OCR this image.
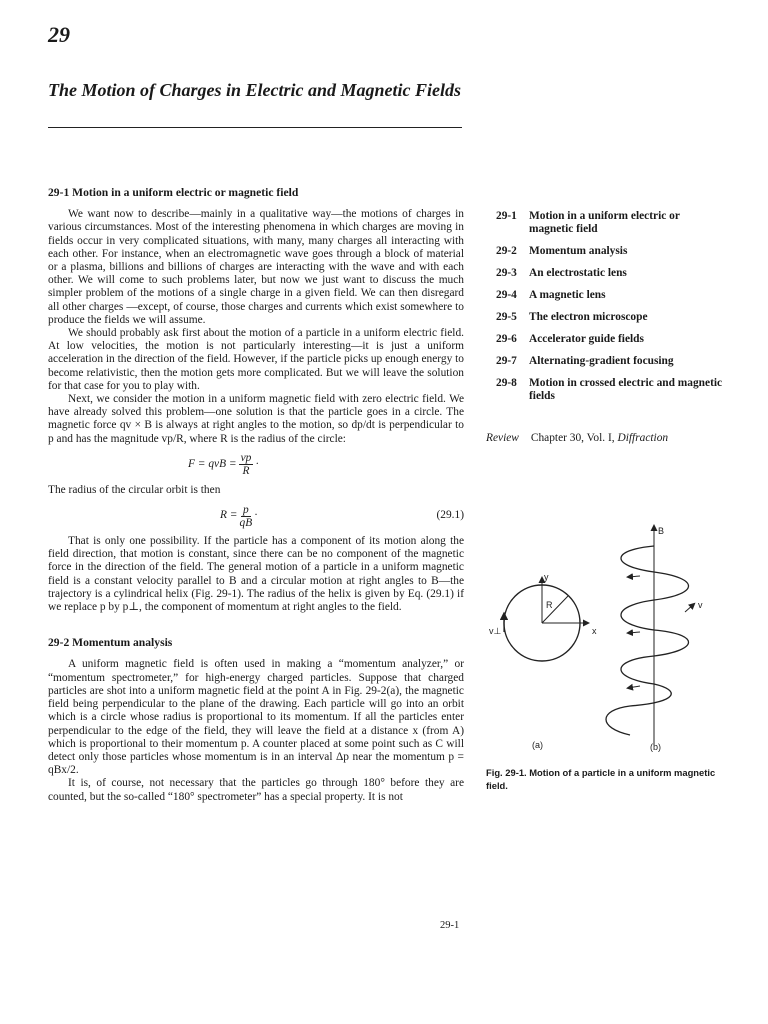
29
The Motion of Charges in Electric and Magnetic Fields
29-1 Motion in a uniform electric or magnetic field

We want now to describe—mainly in a qualitative way—the motions of charges in various circumstances. Most of the interesting phenomena in which charges are moving in fields occur in very complicated situations, with many, many charges all interacting with each other. For instance, when an electromagnetic wave goes through a block of material or a plasma, billions and billions of charges are interacting with the wave and with each other. We will come to such problems later, but now we just want to discuss the much simpler problem of the motions of a single charge in a given field. We can then disregard all other charges —except, of course, those charges and currents which exist somewhere to produce the fields we will assume.

We should probably ask first about the motion of a particle in a uniform electric field. At low velocities, the motion is not particularly interesting—it is just a uniform acceleration in the direction of the field. However, if the particle picks up enough energy to become relativistic, then the motion gets more complicated. But we will leave the solution for that case for you to play with.

Next, we consider the motion in a uniform magnetic field with zero electric field. We have already solved this problem—one solution is that the particle goes in a circle. The magnetic force qv × B is always at right angles to the motion, so dp/dt is perpendicular to p and has the magnitude vp/R, where R is the radius of the circle:

F = qvB = $\frac{vp}{R}$ ·

The radius of the circular orbit is then

$R = \frac{p}{qB}$ ·	(29.1)

That is only one possibility. If the particle has a component of its motion along the field direction, that motion is constant, since there can be no component of the magnetic force in the direction of the field. The general motion of a particle in a uniform magnetic field is a constant velocity parallel to B and a circular motion at right angles to B—the trajectory is a cylindrical helix (Fig. 29-1). The radius of the helix is given by Eq. (29.1) if we replace p by p⊥, the component of momentum at right angles to the field.

29-2 Momentum analysis

A uniform magnetic field is often used in making a “momentum analyzer,” or “momentum spectrometer,” for high-energy charged particles. Suppose that charged particles are shot into a uniform magnetic field at the point A in Fig. 29-2(a), the magnetic field being perpendicular to the plane of the drawing. Each particle will go into an orbit which is a circle whose radius is proportional to its momentum. If all the particles enter perpendicular to the edge of the field, they will leave the field at a distance x (from A) which is proportional to their momentum p. A counter placed at some point such as C will detect only those particles whose momentum is in an interval Δp near the momentum p = qBx/2.

It is, of course, not necessary that the particles go through 180° before they are counted, but the so-called “180° spectrometer” has a special property. It is not

29-1	Motion in a uniform electric or magnetic field
29-2	Momentum analysis
29-3	An electrostatic lens
29-4	A magnetic lens
29-5	The electron microscope
29-6	Accelerator guide fields
29-7	Alternating-gradient focusing
29-8	Motion in crossed electric and magnetic fields
Review Chapter 30, Vol. I, Diffraction
y
x
R
v⊥
(a)
B
v
(b)
Fig. 29-1. Motion of a particle in a uniform magnetic field.
29-1
